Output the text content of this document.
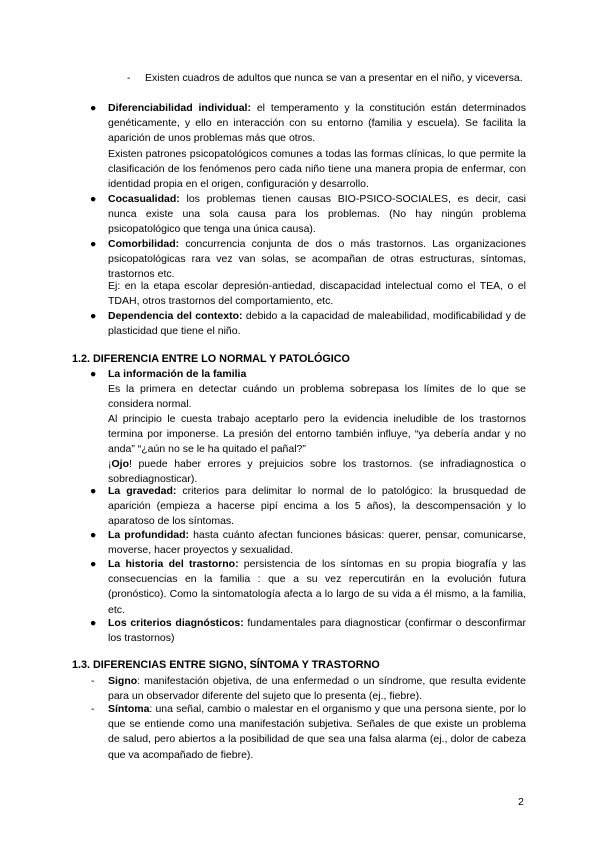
- Existen cuadros de adultos que nunca se van a presentar en el niño, y viceversa.
● Diferenciabilidad individual: el temperamento y la constitución están determinados genéticamente, y ello en interacción con su entorno (familia y escuela). Se facilita la aparición de unos problemas más que otros.
Existen patrones psicopatológicos comunes a todas las formas clínicas, lo que permite la clasificación de los fenómenos pero cada niño tiene una manera propia de enfermar, con identidad propia en el origen, configuración y desarrollo.
● Cocasualidad: los problemas tienen causas BIO-PSICO-SOCIALES, es decir, casi nunca existe una sola causa para los problemas. (No hay ningún problema psicopatológico que tenga una única causa).
● Comorbilidad: concurrencia conjunta de dos o más trastornos. Las organizaciones psicopatológicas rara vez van solas, se acompañan de otras estructuras, síntomas, trastornos etc.
Ej: en la etapa escolar depresión-antiedad, discapacidad intelectual como el TEA, o el TDAH, otros trastornos del comportamiento, etc.
● Dependencia del contexto: debido a la capacidad de maleabilidad, modificabilidad y de plasticidad que tiene el niño.
1.2. DIFERENCIA ENTRE LO NORMAL Y PATOLÓGICO
● La información de la familia
Es la primera en detectar cuándo un problema sobrepasa los límites de lo que se considera normal.
Al principio le cuesta trabajo aceptarlo pero la evidencia ineludible de los trastornos termina por imponerse. La presión del entorno también influye, “ya debería andar y no anda” “¿aún no se le ha quitado el pañal?”
¡Ojo! puede haber errores y prejuicios sobre los trastornos. (se infradiagnostica o sobrediagnosticar).
● La gravedad: criterios para delimitar lo normal de lo patológico: la brusquedad de aparición (empieza a hacerse pipí encima a los 5 años), la descompensación y lo aparatoso de los síntomas.
● La profundidad: hasta cuánto afectan funciones básicas: querer, pensar, comunicarse, moverse, hacer proyectos y sexualidad.
● La historia del trastorno: persistencia de los síntomas en su propia biografía y las consecuencias en la familia : que a su vez repercutirán en la evolución futura (pronóstico). Como la sintomatología afecta a lo largo de su vida a él mismo, a la familia, etc.
● Los criterios diagnósticos: fundamentales para diagnosticar (confirmar o desconfirmar los trastornos)
1.3. DIFERENCIAS ENTRE SIGNO, SÍNTOMA Y TRASTORNO
- Signo: manifestación objetiva, de una enfermedad o un síndrome, que resulta evidente para un observador diferente del sujeto que lo presenta (ej., fiebre).
- Síntoma: una señal, cambio o malestar en el organismo y que una persona siente, por lo que se entiende como una manifestación subjetiva. Señales de que existe un problema de salud, pero abiertos a la posibilidad de que sea una falsa alarma (ej., dolor de cabeza que va acompañado de fiebre).
2
